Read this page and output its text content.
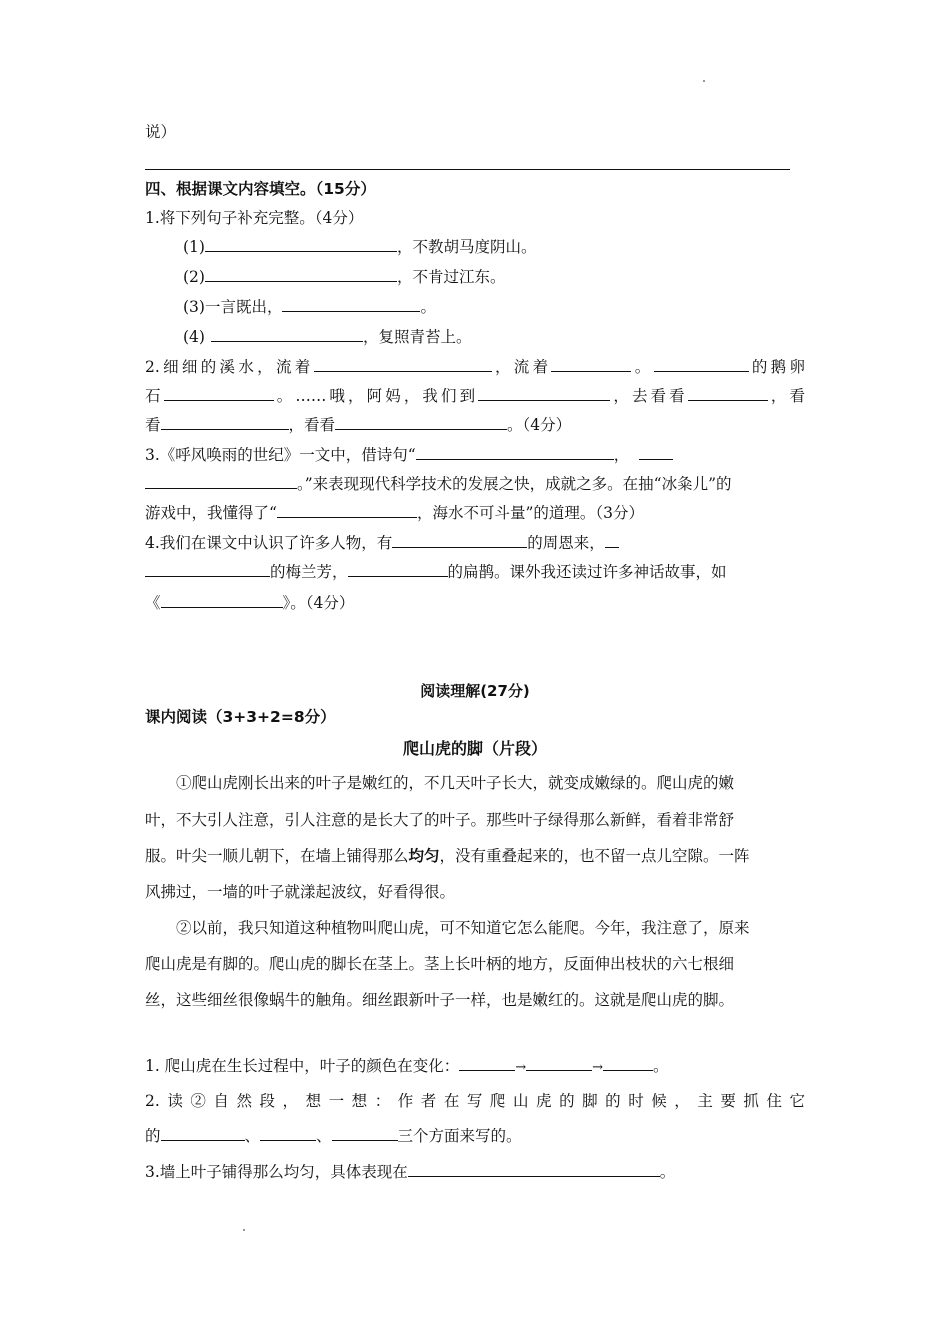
说）
四、根据课文内容填空。（15分）
1.将下列句子补充完整。（4分）
(1)	，不教胡马度阴山。
(2)	，不肯过江东。
(3)一言既出，	。
(4)	，复照青苔上。
2.细细的溪水，流着	，流着	。	的鹅卵
石	。……哦，阿妈，我们到	，去看看	，看
看	，看看	。（4分）
3.《呼风唤雨的世纪》一文中，借诗句“	，
。”来表现现代科学技术的发展之快，成就之多。在抽“冰粂儿”的
游戏中，我懂得了“	，海水不可斗量”的道理。（3分）
4.我们在课文中认识了许多人物，有	的周恩来，
的梅兰芳，	的扁鹊。课外我还读过许多神话故事，如
《	》。（4分）
阅读理解(27分)
课内阅读（3+3+2=8分）
爬山虎的脚（片段）
①爬山虎刚长出来的叶子是嫩红的，不几天叶子长大，就变成嫩绿的。爬山虎的嫩
叶，不大引人注意，引人注意的是长大了的叶子。那些叶子绿得那么新鲜，看着非常舒
服。叶尖一顺儿朝下，在墙上铺得那么均匀，没有重叠起来的，也不留一点儿空隙。一阵
风拂过，一墙的叶子就漾起波纹，好看得很。
②以前，我只知道这种植物叫爬山虎，可不知道它怎么能爬。今年，我注意了，原来
爬山虎是有脚的。爬山虎的脚长在茎上。茎上长叶柄的地方，反面伸出枝状的六七根细
丝，这些细丝很像蜗牛的触角。细丝跟新叶子一样，也是嫩红的。这就是爬山虎的脚。
1. 爬山虎在生长过程中，叶子的颜色在变化：	→	→	。
2.读②自然段，想一想：作者在写爬山虎的脚的时候，主要抓住它
的	、	、	三个方面来写的。
3.墙上叶子铺得那么均匀，具体表现在	。
